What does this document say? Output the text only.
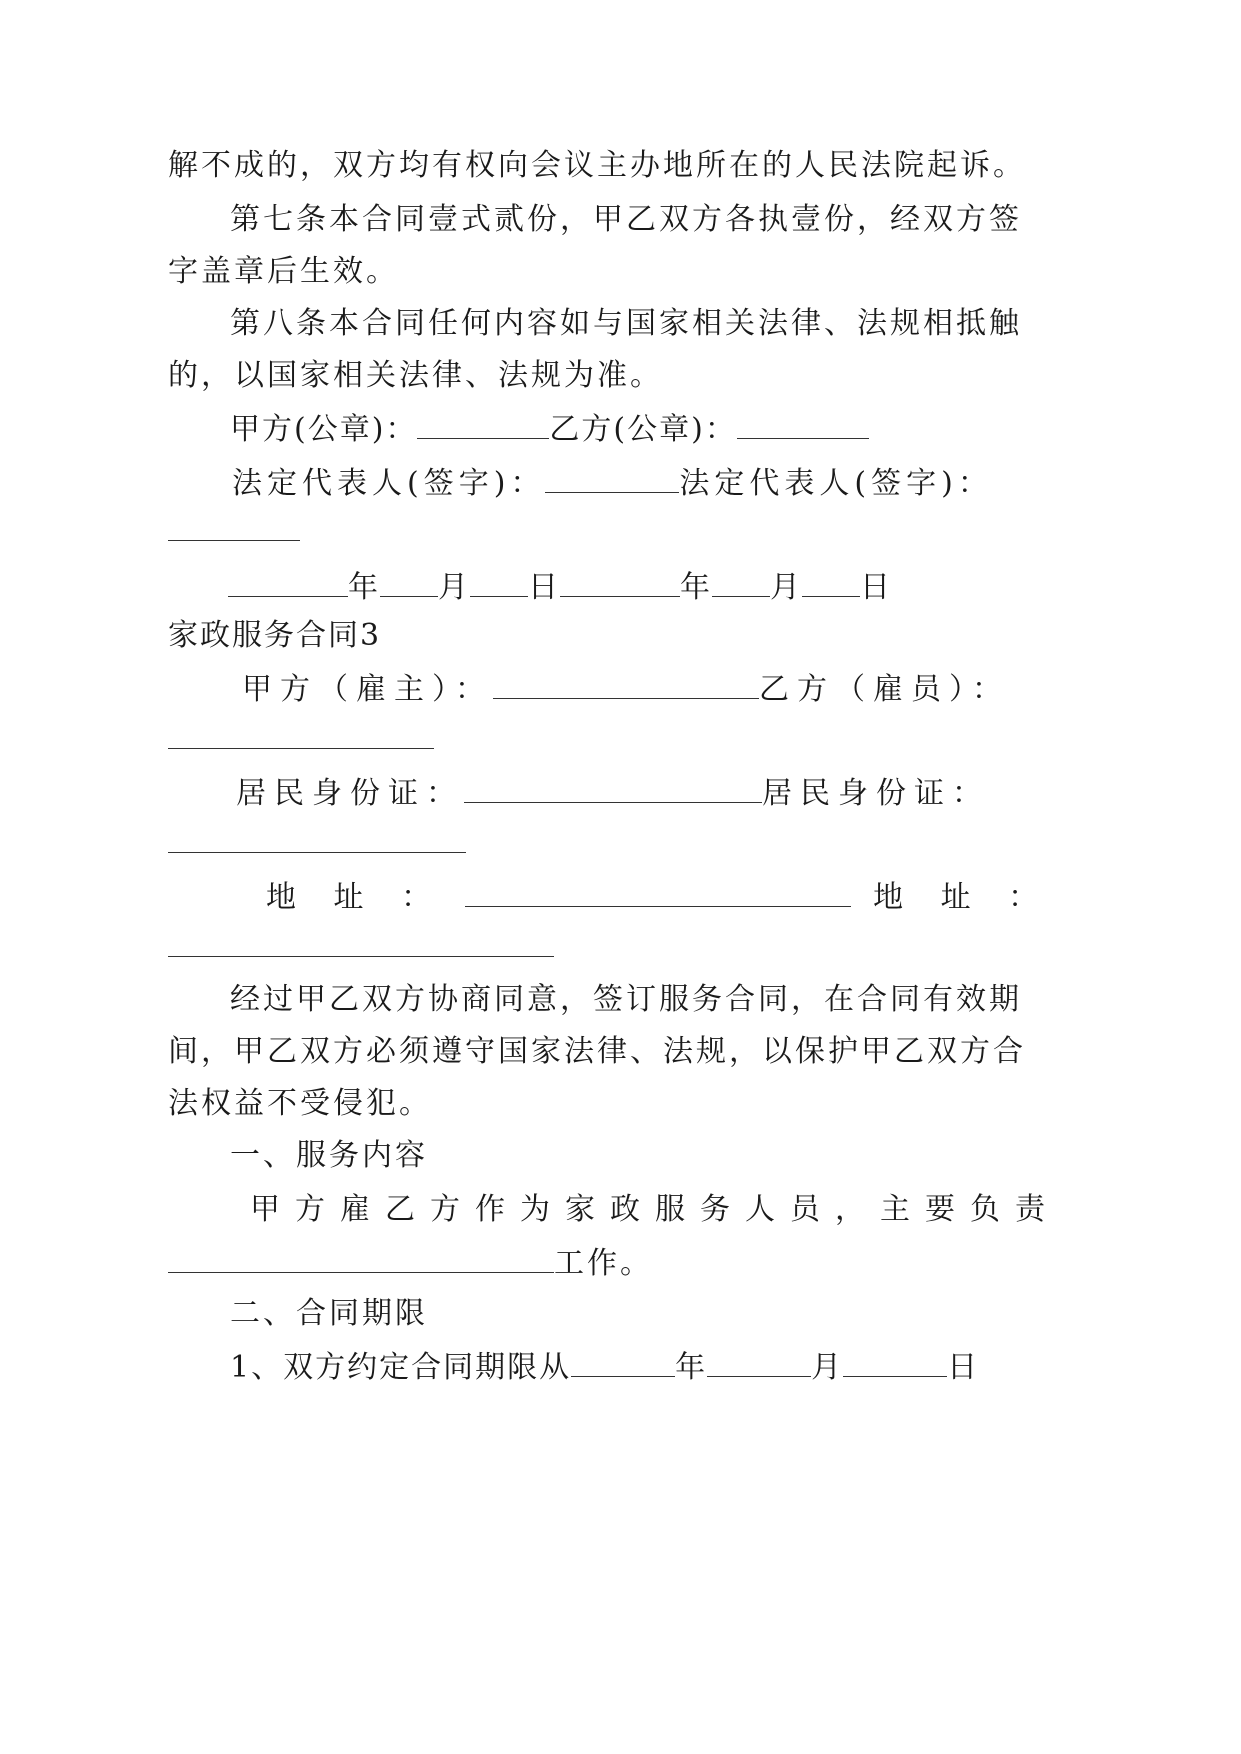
解不成的，双方均有权向会议主办地所在的人民法院起诉。
第七条本合同壹式贰份，甲乙双方各执壹份，经双方签
字盖章后生效。
第八条本合同任何内容如与国家相关法律、法规相抵触
的，以国家相关法律、法规为准。
甲方(公章)：	乙方(公章)：
法定代表人(签字)：	法定代表人(签字)：
年 月 日	年 月 日
家政服务合同3
甲方（雇主）：	乙方（雇员）：
居民身份证：	居民身份证：
地 址 ：	地 址 ：
经过甲乙双方协商同意，签订服务合同，在合同有效期
间，甲乙双方必须遵守国家法律、法规，以保护甲乙双方合
法权益不受侵犯。
一、服务内容
甲方雇乙方作为家政服务人员，主要负责
工作。
二、合同期限
1、双方约定合同期限从	年	月	日
